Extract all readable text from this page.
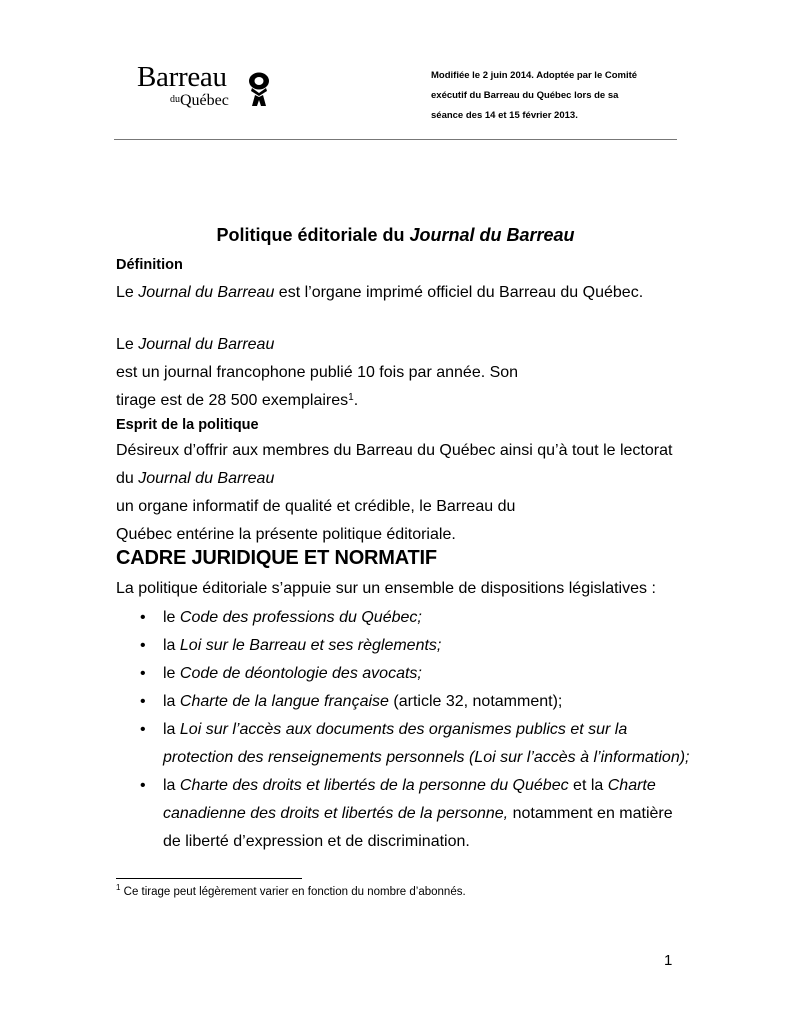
Barreau
duQuébec
Modifiée le 2 juin 2014. Adoptée par le Comité
exécutif du Barreau du Québec lors de sa
séance des 14 et 15 février 2013.
Politique éditoriale du Journal du Barreau
Définition
Le Journal du Barreau est l’organe imprimé officiel du Barreau du Québec.
Le Journal du Barreau est un journal francophone publié 10 fois par année. Son
tirage est de 28 500 exemplaires$^1$.
Esprit de la politique
Désireux d’offrir aux membres du Barreau du Québec ainsi qu’à tout le lectorat
du Journal du Barreau un organe informatif de qualité et crédible, le Barreau du
Québec entérine la présente politique éditoriale.
CADRE JURIDIQUE ET NORMATIF
La politique éditoriale s’appuie sur un ensemble de dispositions législatives :
• le Code des professions du Québec;
• la Loi sur le Barreau et ses règlements;
• le Code de déontologie des avocats;
• la Charte de la langue française (article 32, notamment);
• la Loi sur l’accès aux documents des organismes publics et sur la
protection des renseignements personnels (Loi sur l’accès à l’information);
• la Charte des droits et libertés de la personne du Québec et la Charte
canadienne des droits et libertés de la personne, notamment en matière
de liberté d’expression et de discrimination.
$^1$ Ce tirage peut légèrement varier en fonction du nombre d’abonnés.
1
